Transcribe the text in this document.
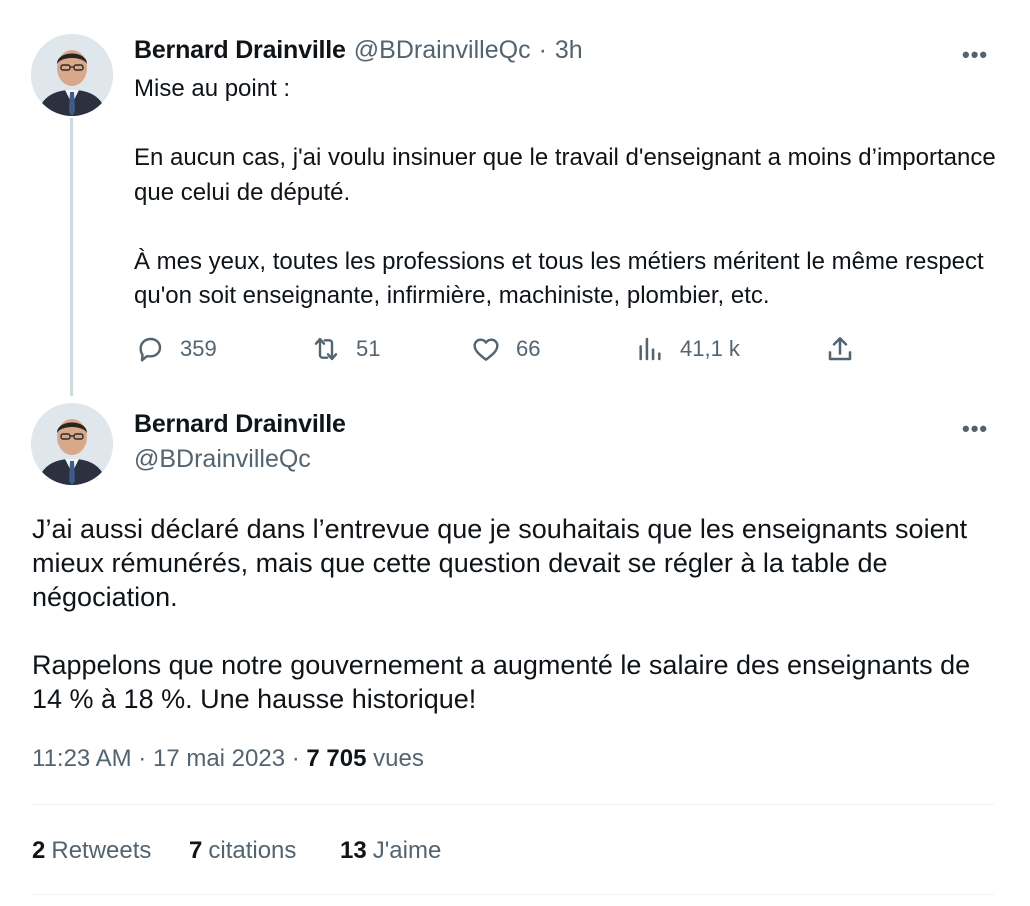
Bernard Drainville @BDrainvilleQc · 3h	•••
Mise au point :

En aucun cas, j'ai voulu insinuer que le travail d'enseignant a moins d’importance que celui de député.

À mes yeux, toutes les professions et tous les métiers méritent le même respect qu'on soit enseignante, infirmière, machiniste, plombier, etc.
359	51	66	41,1 k
Bernard Drainville
@BDrainvilleQc
•••
J’ai aussi déclaré dans l’entrevue que je souhaitais que les enseignants soient mieux rémunérés, mais que cette question devait se régler à la table de négociation.

Rappelons que notre gouvernement a augmenté le salaire des enseignants de 14 % à 18 %. Une hausse historique!
11:23 AM · 17 mai 2023 · 7 705 vues
2 Retweets 7 citations 13 J'aime
